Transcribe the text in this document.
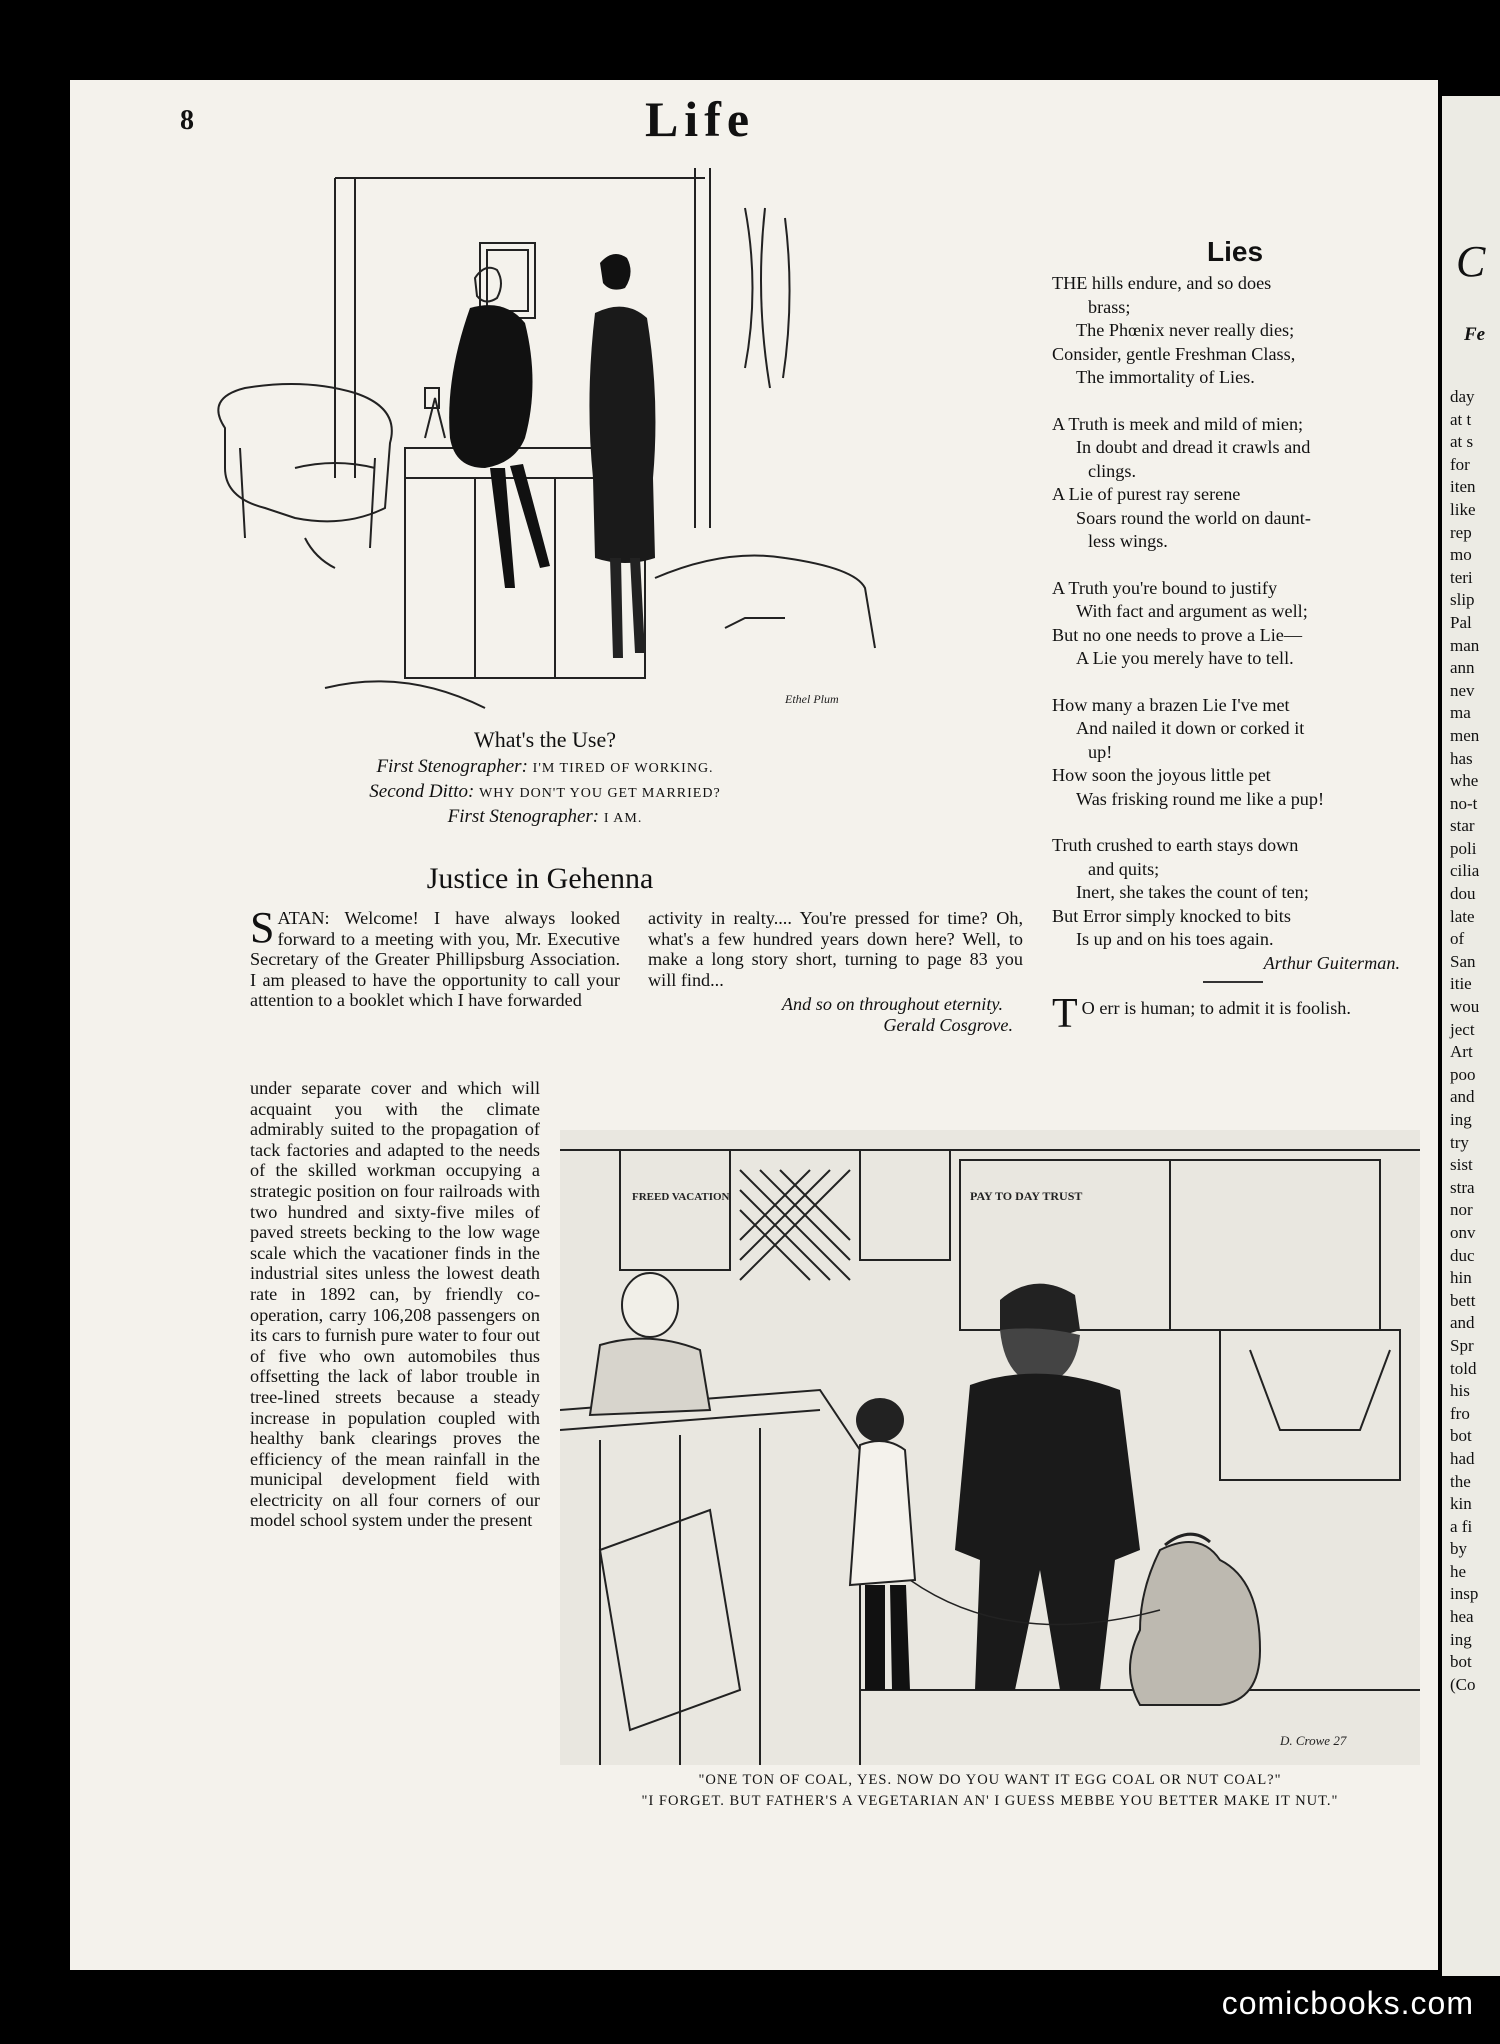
C
Fe
day
at t
at s
for
iten
like
rep
mo
teri
slip
Pal
man
ann
nev
ma
men
has
whe
no-t
star
poli
cilia
dou
late
of
San
itie
wou
ject
Art
poo
and
ing
try
sist
stra
nor
onv
duc
hin
bett
and
Spr
told
his
fro
bot
had
the
kin
a fi
by
he
insp
hea
ing
bot
(Co
8	Life
Ethel Plum
What's the Use?
First Stenographer: I'M TIRED OF WORKING.
Second Ditto: WHY DON'T YOU GET MARRIED?
First Stenographer: I AM.
Justice in Gehenna
SATAN: Welcome! I have always looked forward to a meeting with you, Mr. Executive Secretary of the Greater Phillipsburg Association. I am pleased to have the opportunity to call your attention to a booklet which I have forwarded
under separate cover and which will acquaint you with the climate admirably suited to the propagation of tack factories and adapted to the needs of the skilled workman occupying a strategic position on four railroads with two hundred and sixty-five miles of paved streets becking to the low wage scale which the vacationer finds in the industrial sites unless the lowest death rate in 1892 can, by friendly co-operation, carry 106,208 passengers on its cars to furnish pure water to four out of five who own automobiles thus offsetting the lack of labor trouble in tree-lined streets because a steady increase in population coupled with healthy bank clearings proves the efficiency of the mean rainfall in the municipal development field with electricity on all four corners of our model school system under the present
activity in realty.... You're pressed for time? Oh, what's a few hundred years down here? Well, to make a long story short, turning to page 83 you will find...
And so on throughout eternity.
Gerald Cosgrove.
Lies
THE hills endure, and so does
brass;
The Phœnix never really dies;
Consider, gentle Freshman Class,
The immortality of Lies.
A Truth is meek and mild of mien;
In doubt and dread it crawls and
clings.
A Lie of purest ray serene
Soars round the world on daunt-
less wings.
A Truth you're bound to justify
With fact and argument as well;
But no one needs to prove a Lie—
A Lie you merely have to tell.
How many a brazen Lie I've met
And nailed it down or corked it
up!
How soon the joyous little pet
Was frisking round me like a pup!
Truth crushed to earth stays down
and quits;
Inert, she takes the count of ten;
But Error simply knocked to bits
Is up and on his toes again.
Arthur Guiterman.
T O err is human; to admit it is foolish.
PAY TO DAY TRUST
FREED VACATION
D. Crowe 27
"ONE TON OF COAL, YES. NOW DO YOU WANT IT EGG COAL OR NUT COAL?"
"I FORGET. BUT FATHER'S A VEGETARIAN AN' I GUESS MEBBE YOU BETTER MAKE IT NUT."
comicbooks.com
